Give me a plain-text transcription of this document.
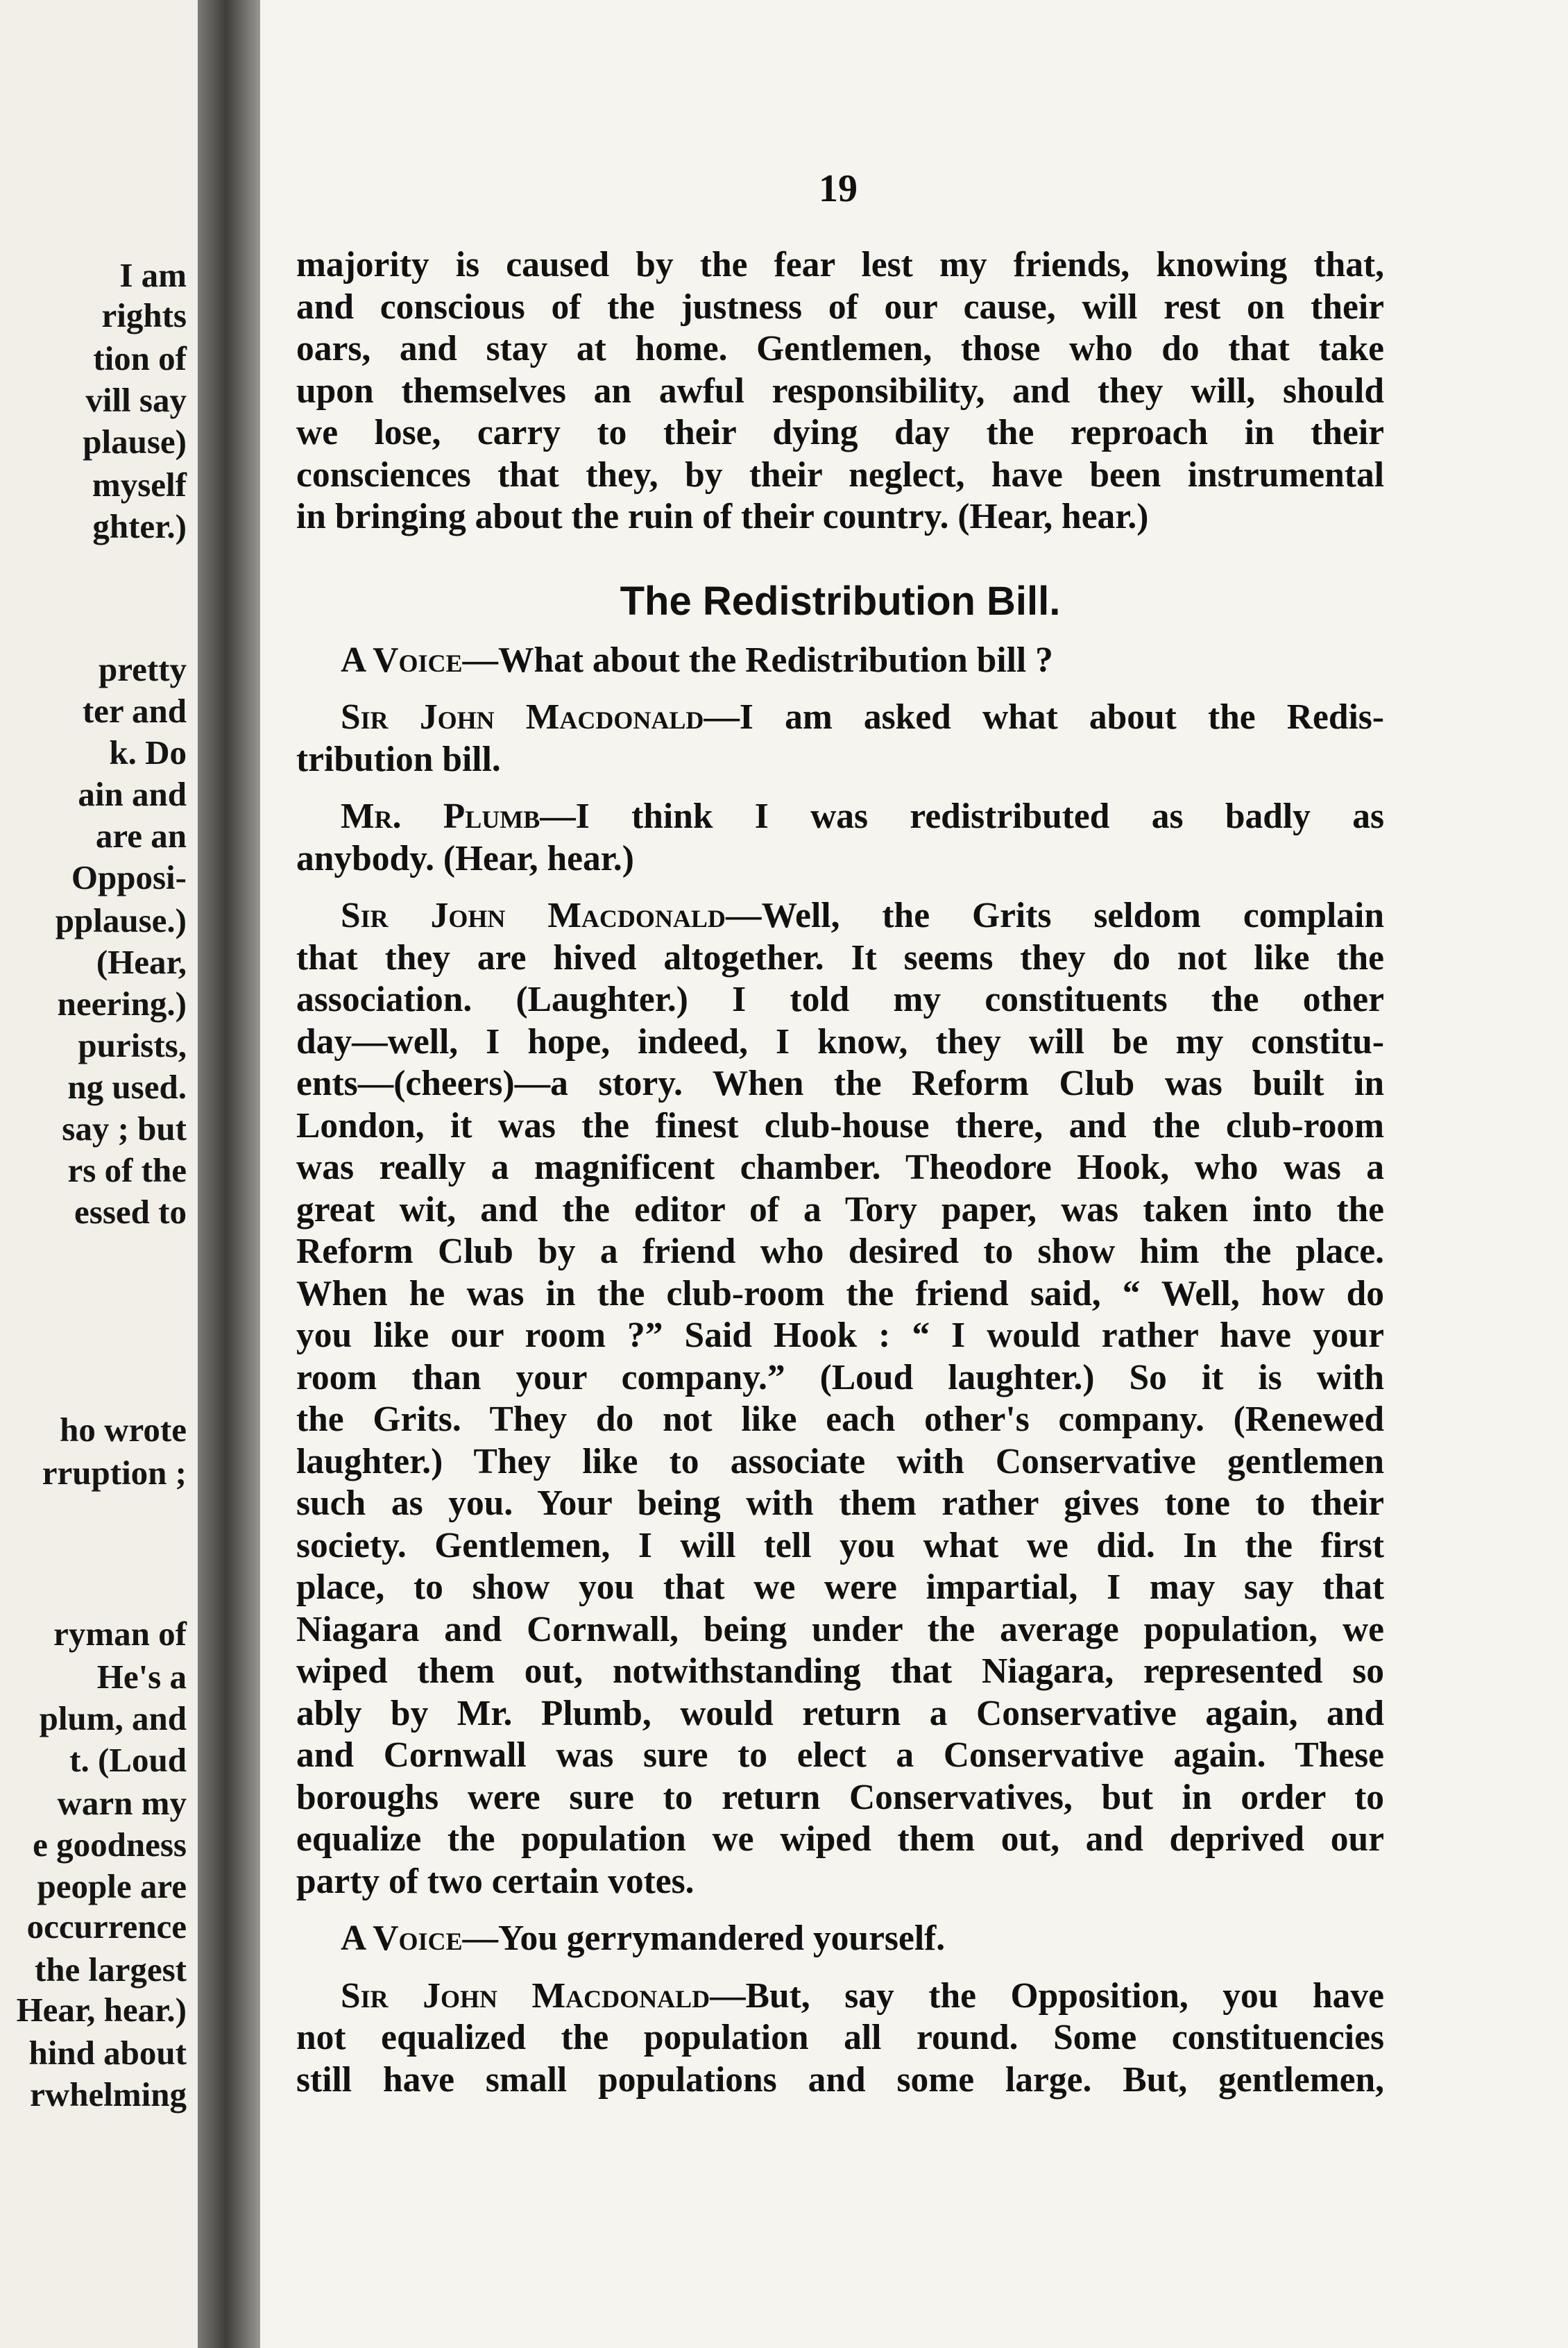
I am
rights
tion of
vill say
plause)
myself
ghter.)
pretty
ter and
k. Do
ain and
are an
Opposi-
pplause.)
(Hear,
neering.)
purists,
ng used.
say ; but
rs of the
essed to
ho wrote
rruption ;
ryman of
He's a
plum, and
t. (Loud
warn my
e goodness
people are
occurrence
the largest
Hear, hear.)
hind about
rwhelming
19

majority is caused by the fear lest my friends, knowing that,

and conscious of the justness of our cause, will rest on their

oars, and stay at home. Gentlemen, those who do that take

upon themselves an awful responsibility, and they will, should

we lose, carry to their dying day the reproach in their

consciences that they, by their neglect, have been instrumental

in bringing about the ruin of their country. (Hear, hear.)

The Redistribution Bill.

A Voice—What about the Redistribution bill ?

Sir John Macdonald—I am asked what about the Redis-

tribution bill.

Mr. Plumb—I think I was redistributed as badly as

anybody. (Hear, hear.)

Sir John Macdonald—Well, the Grits seldom complain

that they are hived altogether. It seems they do not like the

association. (Laughter.) I told my constituents the other

day—well, I hope, indeed, I know, they will be my constitu-

ents—(cheers)—a story. When the Reform Club was built in

London, it was the finest club-house there, and the club-room

was really a magnificent chamber. Theodore Hook, who was a

great wit, and the editor of a Tory paper, was taken into the

Reform Club by a friend who desired to show him the place.

When he was in the club-room the friend said, “ Well, how do

you like our room ?” Said Hook : “ I would rather have your

room than your company.” (Loud laughter.) So it is with

the Grits. They do not like each other's company. (Renewed

laughter.) They like to associate with Conservative gentlemen

such as you. Your being with them rather gives tone to their

society. Gentlemen, I will tell you what we did. In the first

place, to show you that we were impartial, I may say that

Niagara and Cornwall, being under the average population, we

wiped them out, notwithstanding that Niagara, represented so

ably by Mr. Plumb, would return a Conservative again, and

and Cornwall was sure to elect a Conservative again. These

boroughs were sure to return Conservatives, but in order to

equalize the population we wiped them out, and deprived our

party of two certain votes.

A Voice—You gerrymandered yourself.

Sir John Macdonald—But, say the Opposition, you have

not equalized the population all round. Some constituencies

still have small populations and some large. But, gentlemen,
